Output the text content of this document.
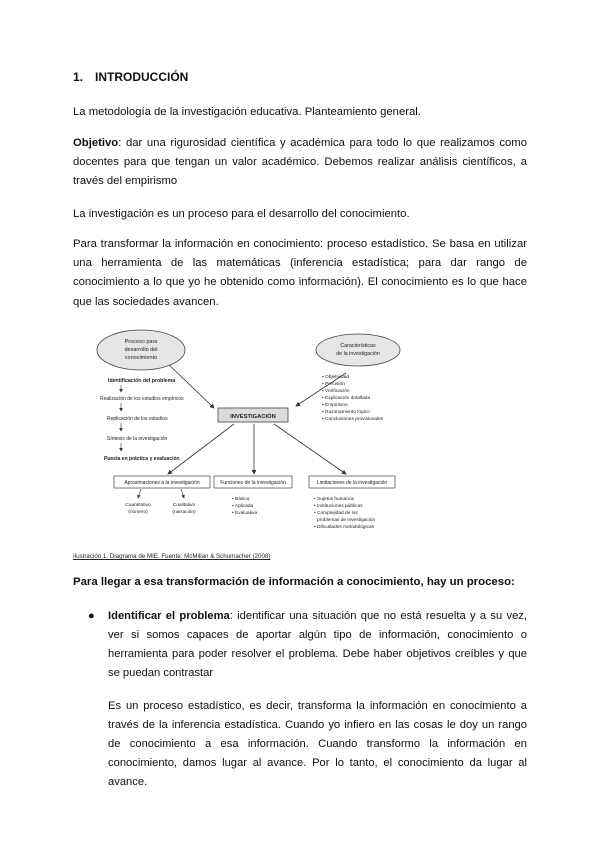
1. INTRODUCCIÓN
La metodología de la investigación educativa. Planteamiento general.
Objetivo: dar una rigurosidad científica y académica para todo lo que realizamos como docentes para que tengan un valor académico. Debemos realizar análisis científicos, a través del empirismo
La investigación es un proceso para el desarrollo del conocimiento.
Para transformar la información en conocimiento: proceso estadístico. Se basa en utilizar una herramienta de las matemáticas (inferencia estadística; para dar rango de conocimiento a lo que yo he obtenido como información). El conocimiento es lo que hace que las sociedades avancen.
Proceso para
desarrollo del
conocimiento
Características
de la investigación
Identificación del problema
Realización de los estudios empíricos
Replicación de los estudios
Síntesis de la investigación
Puesta en práctica y evaluación
INVESTIGACIÓN
▪ Objetividad
▪ Precisión
▪ Verificación
▪ Explicación detallada
▪ Empirismo
▪ Razonamiento lógico
▪ Conclusiones provisionales
Aproximaciones a la investigación	Funciones de la investigación	Limitaciones de la investigación
Cuantitativo
(número)
Cualitativo
(narración)
• Básica
• Aplicada
• Evaluativa
• Sujetos humanos
• Instituciones públicas
• Complejidad de los
problemas de investigación
• Dificultades metodológicas
Ilustración 1. Diagrama de MIE. Fuente: McMillan & Schumacher (2008)
Para llegar a esa transformación de información a conocimiento, hay un proceso:
● Identificar el problema: identificar una situación que no está resuelta y a su vez, ver si somos capaces de aportar algún tipo de información, conocimiento o herramienta para poder resolver el problema. Debe haber objetivos creíbles y que se puedan contrastar
Es un proceso estadístico, es decir, transforma la información en conocimiento a través de la inferencia estadística. Cuando yo infiero en las cosas le doy un rango de conocimiento a esa información. Cuando transformo la información en conocimiento, damos lugar al avance. Por lo tanto, el conocimiento da lugar al avance.
